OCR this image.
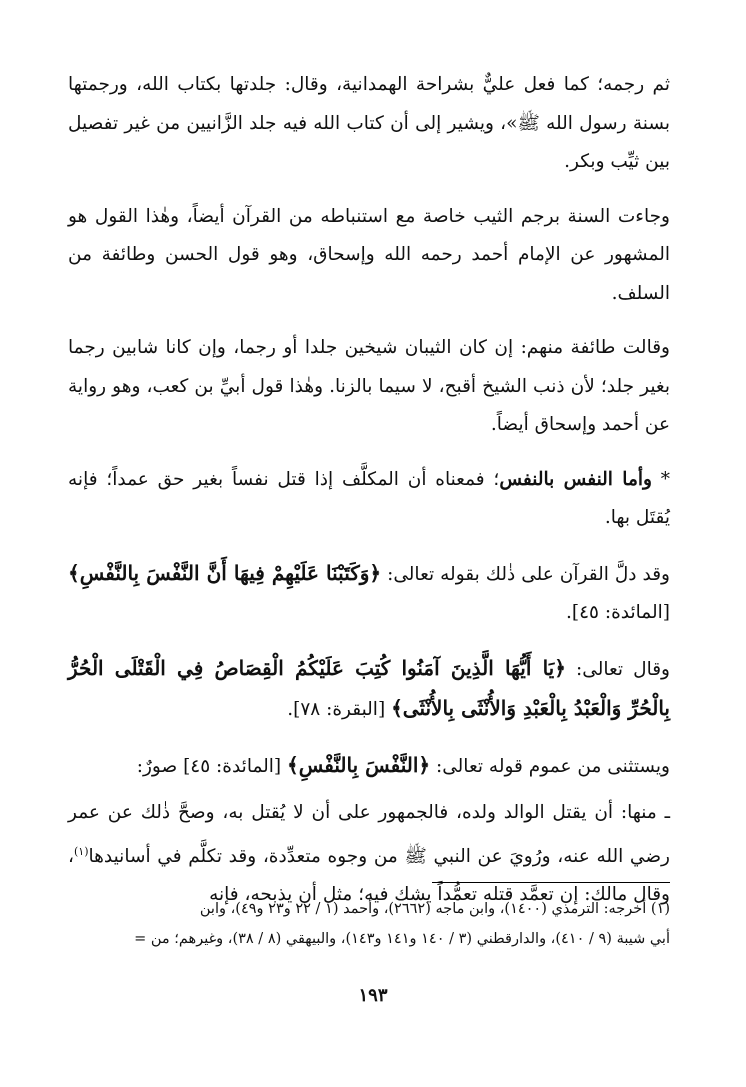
ثم رجمه؛ كما فعل عليٌّ بشراحة الهمدانية، وقال: جلدتها بكتاب الله، ورجمتها بسنة رسول الله ﷺ»، ويشير إلى أن كتاب الله فيه جلد الزَّانيين من غير تفصيل بين ثيِّب وبكر.

وجاءت السنة برجم الثيب خاصة مع استنباطه من القرآن أيضاً، وهٰذا القول هو المشهور عن الإمام أحمد رحمه الله وإسحاق، وهو قول الحسن وطائفة من السلف.

وقالت طائفة منهم: إن كان الثيبان شيخين جلدا أو رجما، وإن كانا شابين رجما بغير جلد؛ لأن ذنب الشيخ أقبح، لا سيما بالزنا. وهٰذا قول أبيِّ بن كعب، وهو رواية عن أحمد وإسحاق أيضاً.

* وأما النفس بالنفس؛ فمعناه أن المكلَّف إذا قتل نفساً بغير حق عمداً؛ فإنه يُقتَل بها.

وقد دلَّ القرآن على ذٰلك بقوله تعالى: ﴿وَكَتَبْنَا عَلَيْهِمْ فِيهَا أَنَّ النَّفْسَ بِالنَّفْسِ﴾ [المائدة: ٤٥].

وقال تعالى: ﴿يَا أَيُّهَا الَّذِينَ آمَنُوا كُتِبَ عَلَيْكُمُ الْقِصَاصُ فِي الْقَتْلَى الْحُرُّ بِالْحُرِّ وَالْعَبْدُ بِالْعَبْدِ وَالأُنْثَى بِالأُنْثَى﴾ [البقرة: ٧٨].

ويستثنى من عموم قوله تعالى: ﴿النَّفْسَ بِالنَّفْسِ﴾ [المائدة: ٤٥] صورٌ:

ـ منها: أن يقتل الوالد ولده، فالجمهور على أن لا يُقتل به، وصحَّ ذٰلك عن عمر رضي الله عنه، ورُويَ عن النبي ﷺ من وجوه متعدِّدة، وقد تكلَّم في أسانيدها$^{(١)}$، وقال مالك: إن تعمَّد قتله تعمُّداً يشك فيه؛ مثل أن يذبحه، فإنه

(١) أخرجه: الترمذي (١٤٠٠)، وابن ماجه (٢٦٦٢)، وأحمد (١ / ٢٢ و٢٣ و٤٩)، وابن

أبي شيبة (٩ / ٤١٠)، والدارقطني (٣ / ١٤٠ و١٤١ و١٤٣)، والبيهقي (٨ / ٣٨)، وغيرهم؛ من =

١٩٣
